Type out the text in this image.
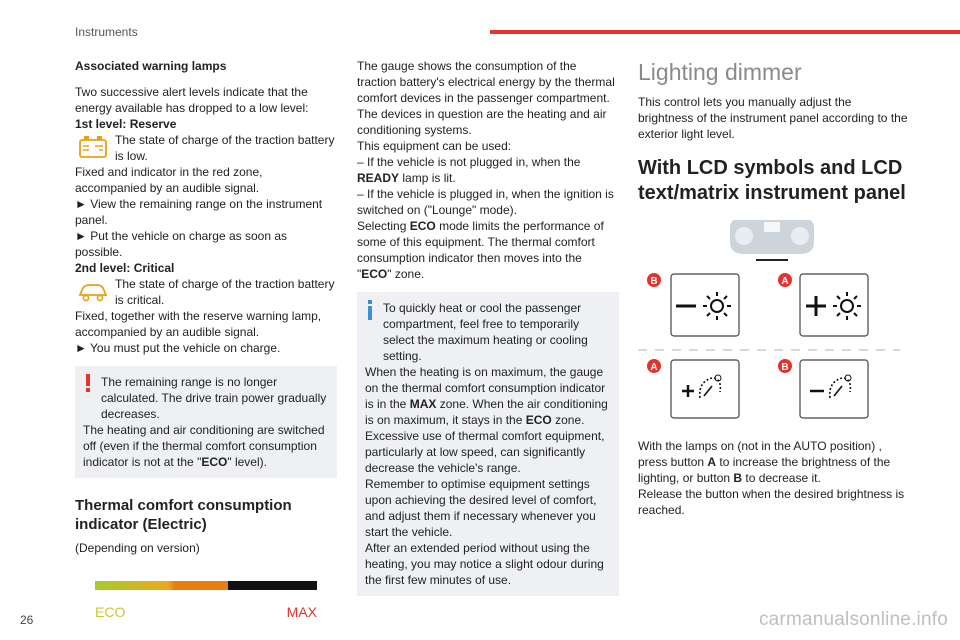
Instruments

Associated warning lamps

Two successive alert levels indicate that the energy available has dropped to a low level:

1st level: Reserve

The state of charge of the traction battery is low.

Fixed and indicator in the red zone, accompanied by an audible signal.

► View the remaining range on the instrument panel.

► Put the vehicle on charge as soon as possible.

2nd level: Critical

The state of charge of the traction battery is critical.

Fixed, together with the reserve warning lamp, accompanied by an audible signal.

► You must put the vehicle on charge.

The remaining range is no longer calculated. The drive train power gradually decreases.

The heating and air conditioning are switched off (even if the thermal comfort consumption indicator is not at the "ECO" level).

Thermal comfort consumption indicator (Electric)

(Depending on version)

ECO	MAX

The gauge shows the consumption of the traction battery's electrical energy by the thermal comfort devices in the passenger compartment.

The devices in question are the heating and air conditioning systems.

This equipment can be used:

– If the vehicle is not plugged in, when the
READY lamp is lit.

– If the vehicle is plugged in, when the ignition is switched on ("Lounge" mode).

Selecting ECO mode limits the performance of some of this equipment. The thermal comfort consumption indicator then moves into the "ECO" zone.

To quickly heat or cool the passenger compartment, feel free to temporarily select the maximum heating or cooling setting.

When the heating is on maximum, the gauge on the thermal comfort consumption indicator is in the MAX zone. When the air conditioning is on maximum, it stays in the ECO zone.

Excessive use of thermal comfort equipment, particularly at low speed, can significantly decrease the vehicle's range.

Remember to optimise equipment settings upon achieving the desired level of comfort, and adjust them if necessary whenever you start the vehicle.

After an extended period without using the heating, you may notice a slight odour during the first few minutes of use.

Lighting dimmer

This control lets you manually adjust the brightness of the instrument panel according to the exterior light level.

With LCD symbols and LCD text/matrix instrument panel

B	A
A	B

With the lamps on (not in the AUTO position) , press button A to increase the brightness of the lighting, or button B to decrease it.

Release the button when the desired brightness is reached.

26	carmanualsonline.info
